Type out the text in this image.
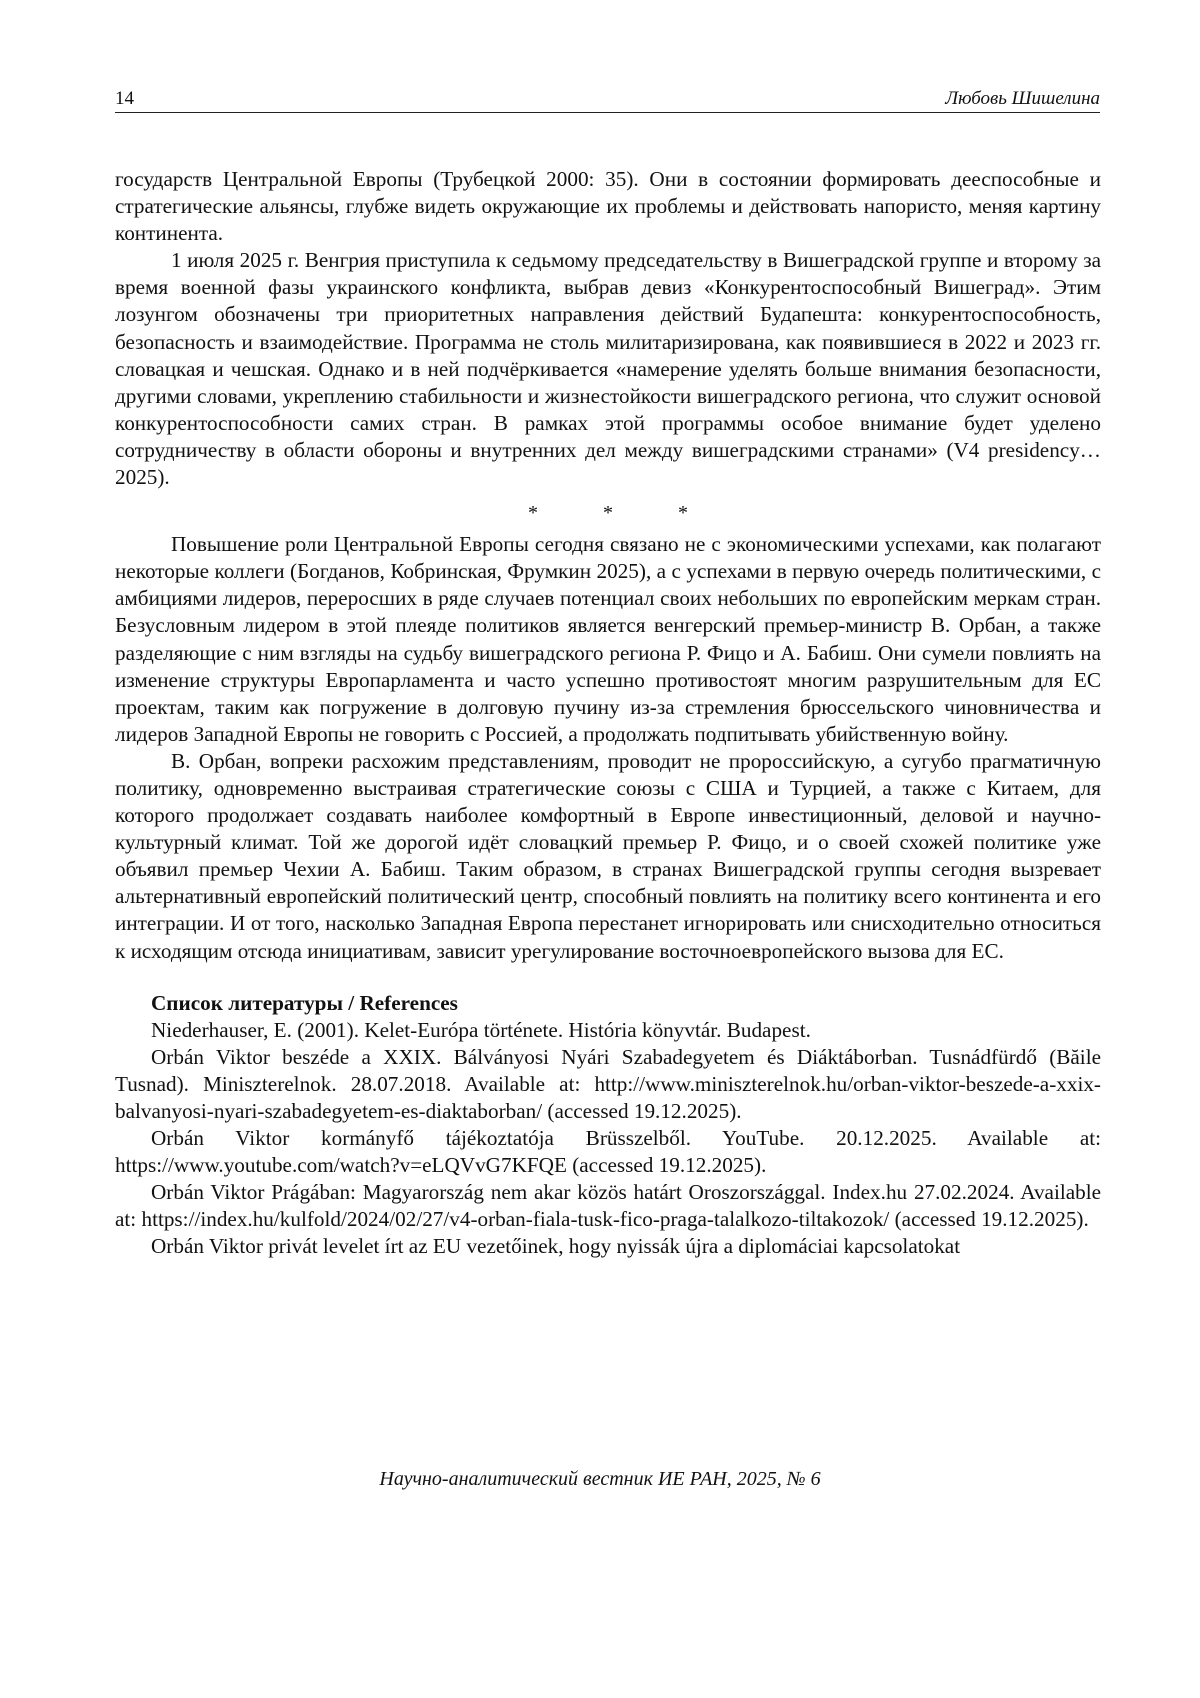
14	Любовь Шишелина

государств Центральной Европы (Трубецкой 2000: 35). Они в состоянии формировать дееспособные и стратегические альянсы, глубже видеть окружающие их проблемы и действовать напористо, меняя картину континента.

1 июля 2025 г. Венгрия приступила к седьмому председательству в Вишеградской группе и второму за время военной фазы украинского конфликта, выбрав девиз «Конкурентоспособный Вишеград». Этим лозунгом обозначены три приоритетных направления действий Будапешта: конкурентоспособность, безопасность и взаимодействие. Программа не столь милитаризирована, как появившиеся в 2022 и 2023 гг. словацкая и чешская. Однако и в ней подчёркивается «намерение уделять больше внимания безопасности, другими словами, укреплению стабильности и жизнестойкости вишеградского региона, что служит основой конкурентоспособности самих стран. В рамках этой программы особое внимание будет уделено сотрудничеству в области обороны и внутренних дел между вишеградскими странами» (V4 presidency… 2025).

*	*	*

Повышение роли Центральной Европы сегодня связано не с экономическими успехами, как полагают некоторые коллеги (Богданов, Кобринская, Фрумкин 2025), а с успехами в первую очередь политическими, с амбициями лидеров, переросших в ряде случаев потенциал своих небольших по европейским меркам стран. Безусловным лидером в этой плеяде политиков является венгерский премьер-министр В. Орбан, а также разделяющие с ним взгляды на судьбу вишеградского региона Р. Фицо и А. Бабиш. Они сумели повлиять на изменение структуры Европарламента и часто успешно противостоят многим разрушительным для ЕС проектам, таким как погружение в долговую пучину из-за стремления брюссельского чиновничества и лидеров Западной Европы не говорить с Россией, а продолжать подпитывать убийственную войну.

В. Орбан, вопреки расхожим представлениям, проводит не пророссийскую, а сугубо прагматичную политику, одновременно выстраивая стратегические союзы с США и Турцией, а также с Китаем, для которого продолжает создавать наиболее комфортный в Европе инвестиционный, деловой и научно-культурный климат. Той же дорогой идёт словацкий премьер Р. Фицо, и о своей схожей политике уже объявил премьер Чехии А. Бабиш. Таким образом, в странах Вишеградской группы сегодня вызревает альтернативный европейский политический центр, способный повлиять на политику всего континента и его интеграции. И от того, насколько Западная Европа перестанет игнорировать или снисходительно относиться к исходящим отсюда инициативам, зависит урегулирование восточноевропейского вызова для ЕС.

Список литературы / References

Niederhauser, E. (2001). Kelet-Európa története. História könyvtár. Budapest.

Orbán Viktor beszéde a XXIX. Bálványosi Nyári Szabadegyetem és Diáktáborban. Tusnádfürdő (Băile Tusnad). Miniszterelnok. 28.07.2018. Available at: http://www.miniszterelnok.hu/orban-viktor-beszede-a-xxix-balvanyosi-nyari-szabadegyetem-es-diaktaborban/ (accessed 19.12.2025).

Orbán Viktor kormányfő tájékoztatója Brüsszelből. YouTube. 20.12.2025. Available at: https://www.youtube.com/watch?v=eLQVvG7KFQE (accessed 19.12.2025).

Orbán Viktor Prágában: Magyarország nem akar közös határt Oroszországgal. Index.hu 27.02.2024. Available at: https://index.hu/kulfold/2024/02/27/v4-orban-fiala-tusk-fico-praga-talalkozo-tiltakozok/ (accessed 19.12.2025).

Orbán Viktor privát levelet írt az EU vezetőinek, hogy nyissák újra a diplomáciai kapcsolatokat

Научно-аналитический вестник ИЕ РАН, 2025, № 6
